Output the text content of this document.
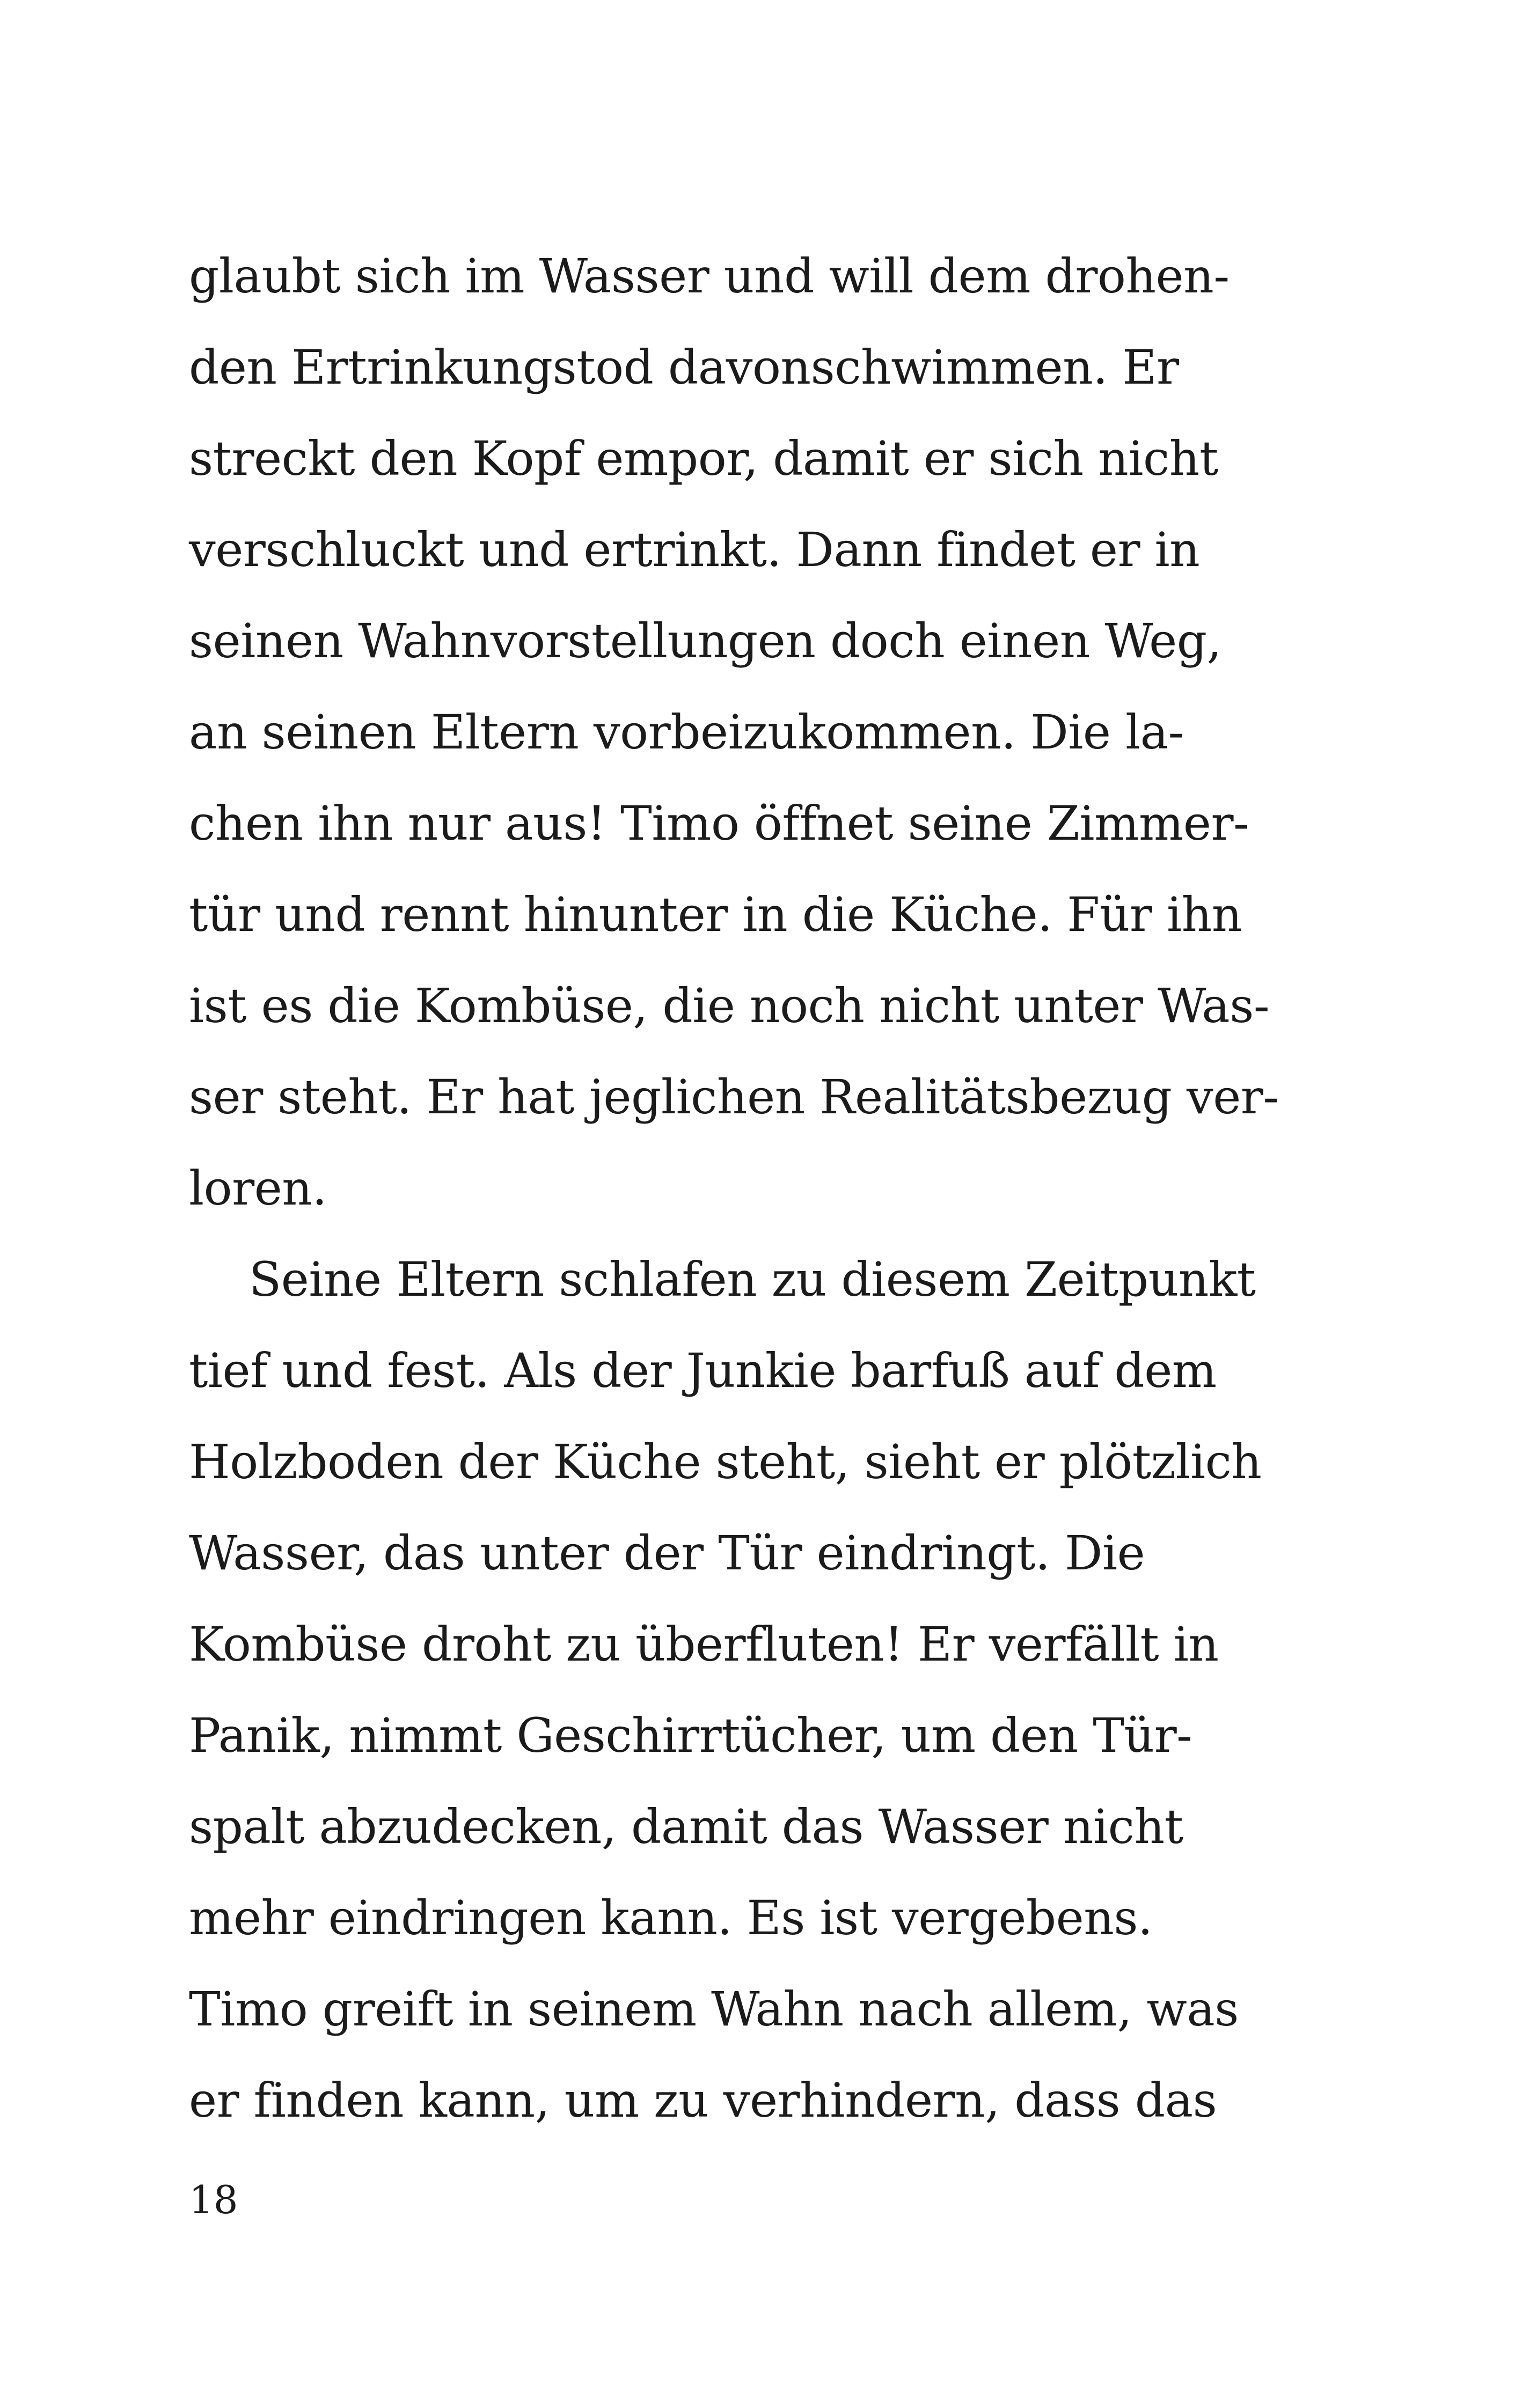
glaubt sich im Wasser und will dem drohen-
den Ertrinkungstod davonschwimmen. Er
streckt den Kopf empor, damit er sich nicht
verschluckt und ertrinkt. Dann findet er in
seinen Wahnvorstellungen doch einen Weg,
an seinen Eltern vorbeizukommen. Die la-
chen ihn nur aus! Timo öffnet seine Zimmer-
tür und rennt hinunter in die Küche. Für ihn
ist es die Kombüse, die noch nicht unter Was-
ser steht. Er hat jeglichen Realitätsbezug ver-
loren.
Seine Eltern schlafen zu diesem Zeitpunkt
tief und fest. Als der Junkie barfuß auf dem
Holzboden der Küche steht, sieht er plötzlich
Wasser, das unter der Tür eindringt. Die
Kombüse droht zu überfluten! Er verfällt in
Panik, nimmt Geschirrtücher, um den Tür-
spalt abzudecken, damit das Wasser nicht
mehr eindringen kann. Es ist vergebens.
Timo greift in seinem Wahn nach allem, was
er finden kann, um zu verhindern, dass das
18
